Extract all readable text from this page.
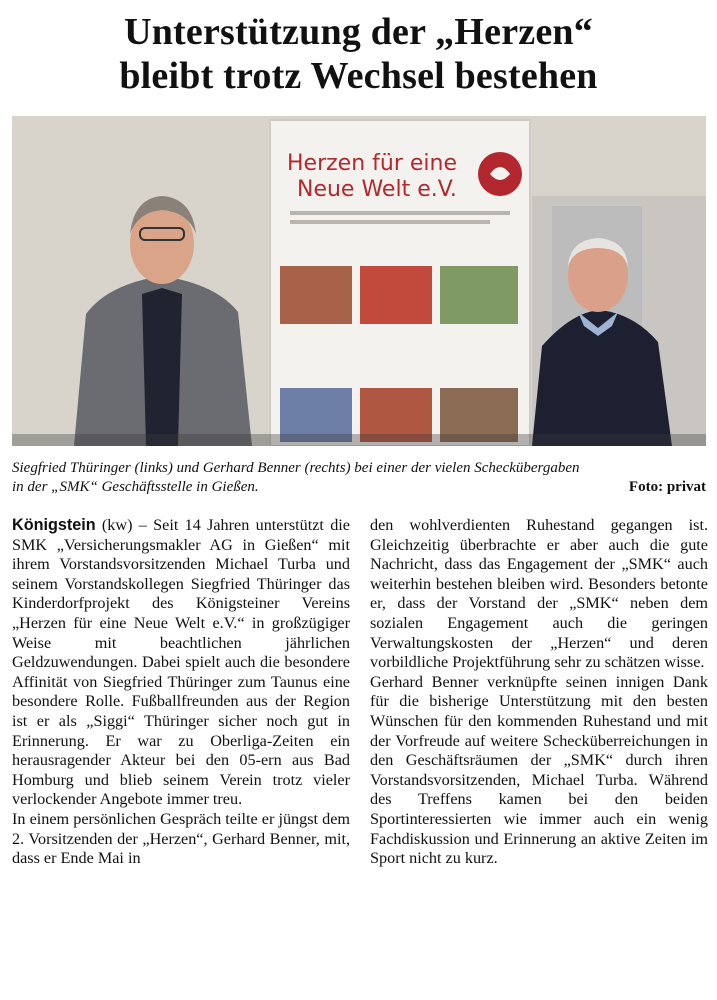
Unterstützung der „Herzen“
bleibt trotz Wechsel bestehen
Herzen für eine
Neue Welt e.V.
Siegfried Thüringer (links) und Gerhard Benner (rechts) bei einer der vielen Scheckübergaben
in der „SMK“ Geschäftsstelle in Gießen.	Foto: privat

Königstein (kw) – Seit 14 Jahren unterstützt die SMK „Versicherungsmakler AG in Gießen“ mit ihrem Vorstandsvorsitzenden Michael Turba und seinem Vorstandskollegen Siegfried Thüringer das Kinderdorfprojekt des Königsteiner Vereins „Herzen für eine Neue Welt e.V.“ in großzügiger Weise mit beachtlichen jährlichen Geldzuwendungen. Dabei spielt auch die besondere Affinität von Siegfried Thüringer zum Taunus eine besondere Rolle. Fußballfreunden aus der Region ist er als „Siggi“ Thüringer sicher noch gut in Erinnerung. Er war zu Oberliga-Zeiten ein herausragender Akteur bei den 05-ern aus Bad Homburg und blieb seinem Verein trotz vieler verlockender Angebote immer treu.

In einem persönlichen Gespräch teilte er jüngst dem 2. Vorsitzenden der „Herzen“, Gerhard Benner, mit, dass er Ende Mai in

den wohlverdienten Ruhestand gegangen ist. Gleichzeitig überbrachte er aber auch die gute Nachricht, dass das Engagement der „SMK“ auch weiterhin bestehen bleiben wird. Besonders betonte er, dass der Vorstand der „SMK“ neben dem sozialen Engagement auch die geringen Verwaltungskosten der „Herzen“ und deren vorbildliche Projektführung sehr zu schätzen wisse.

Gerhard Benner verknüpfte seinen innigen Dank für die bisherige Unterstützung mit den besten Wünschen für den kommenden Ruhestand und mit der Vorfreude auf weitere Schecküberreichungen in den Geschäftsräumen der „SMK“ durch ihren Vorstandsvorsitzenden, Michael Turba. Während des Treffens kamen bei den beiden Sportinteressierten wie immer auch ein wenig Fachdiskussion und Erinnerung an aktive Zeiten im Sport nicht zu kurz.
